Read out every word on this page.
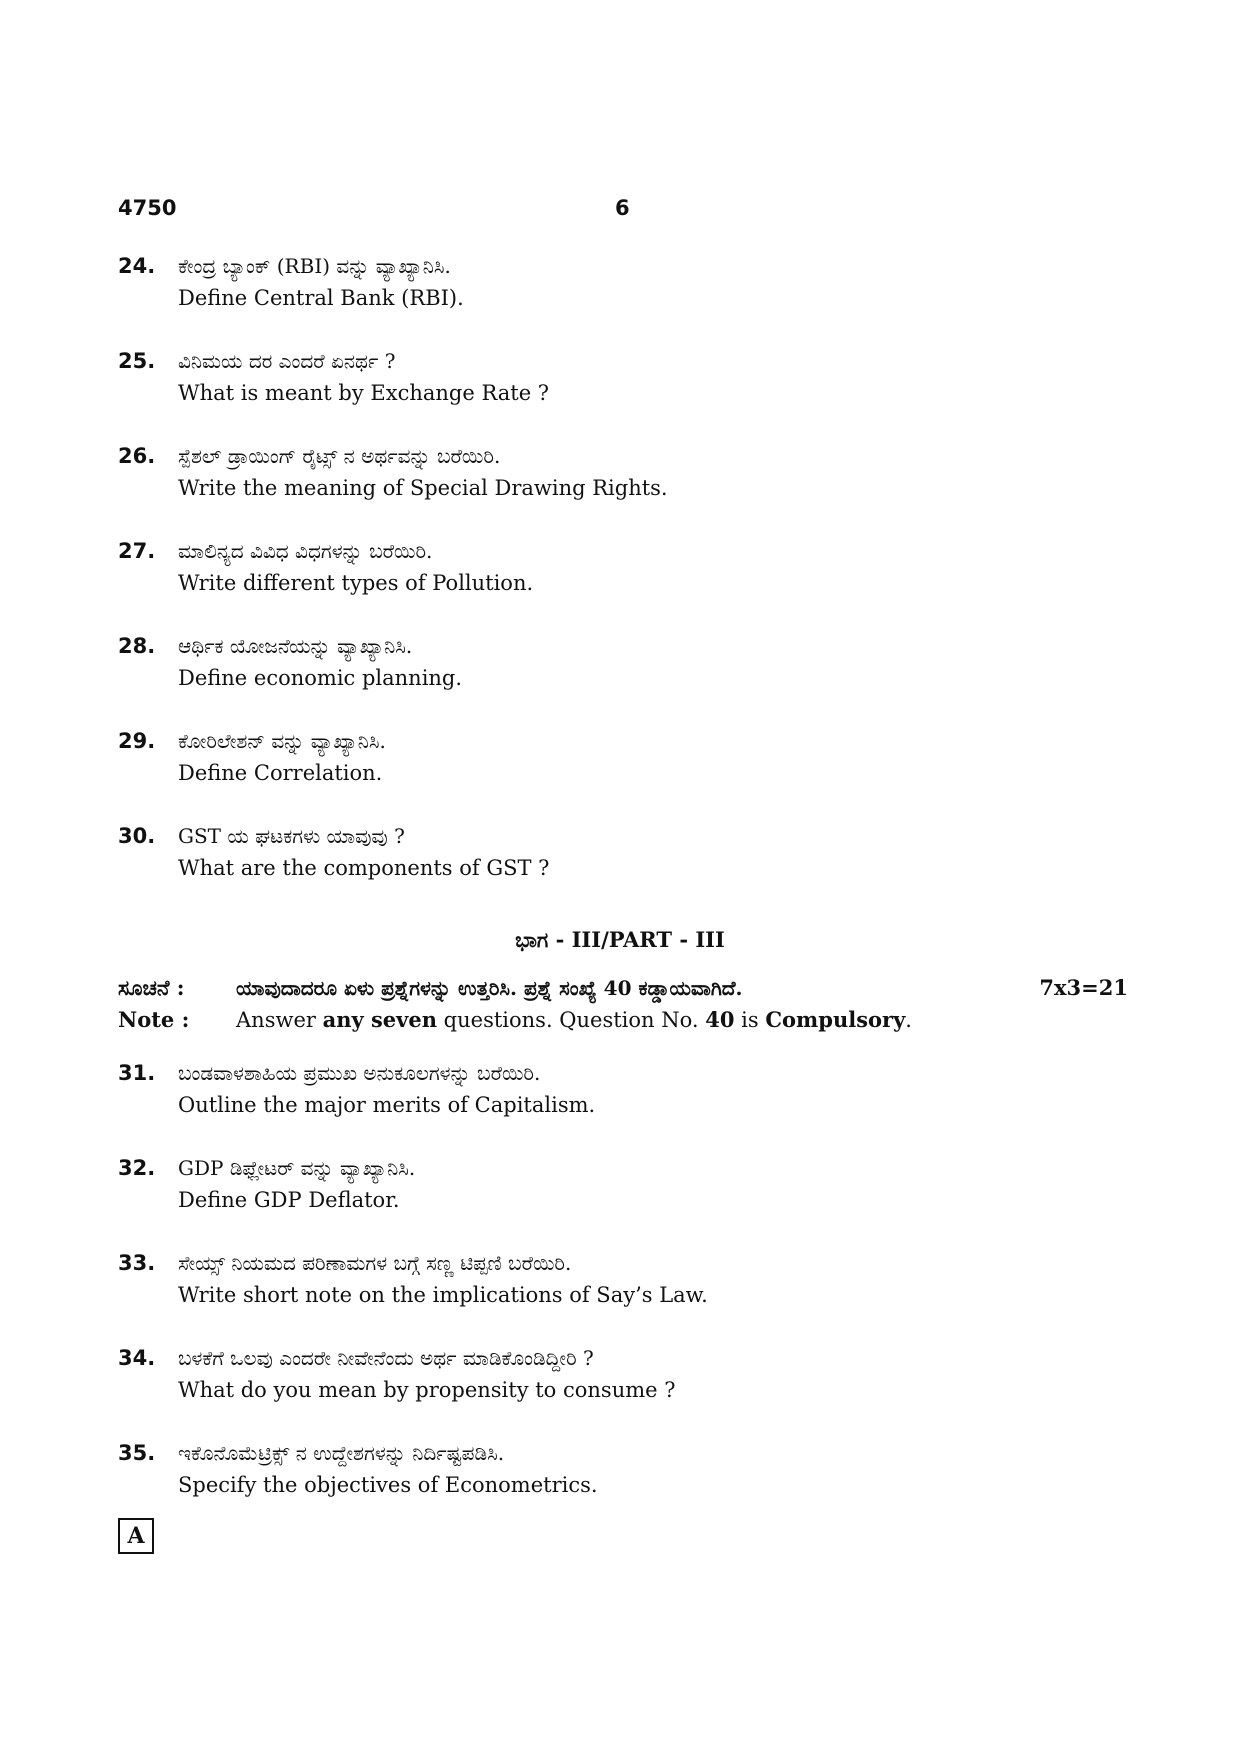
4750	6
24. ಕೇಂದ್ರ ಬ್ಯಾಂಕ್ (RBI) ವನ್ನು ವ್ಯಾಖ್ಯಾನಿಸಿ.
Define Central Bank (RBI).
25. ವಿನಿಮಯ ದರ ಎಂದರೆ ಏನರ್ಥ ?
What is meant by Exchange Rate ?
26. ಸ್ಪೆಶಲ್ ಡ್ರಾಯಿಂಗ್ ರೈಟ್ಸ್ ನ ಅರ್ಥವನ್ನು ಬರೆಯಿರಿ.
Write the meaning of Special Drawing Rights.
27. ಮಾಲಿನ್ಯದ ವಿವಿಧ ವಿಧಗಳನ್ನು ಬರೆಯಿರಿ.
Write different types of Pollution.
28. ಆರ್ಥಿಕ ಯೋಜನೆಯನ್ನು ವ್ಯಾಖ್ಯಾನಿಸಿ.
Define economic planning.
29. ಕೋರಿಲೇಶನ್ ವನ್ನು ವ್ಯಾಖ್ಯಾನಿಸಿ.
Define Correlation.
30. GST ಯ ಘಟಕಗಳು ಯಾವುವು ?
What are the components of GST ?
ಭಾಗ - III/PART - III
ಸೂಚನೆ :	ಯಾವುದಾದರೂ ಏಳು ಪ್ರಶ್ನೆಗಳನ್ನು ಉತ್ತರಿಸಿ. ಪ್ರಶ್ನೆ ಸಂಖ್ಯೆ 40 ಕಡ್ಡಾಯವಾಗಿದೆ.	7x3=21
Note : Answer any seven questions. Question No. 40 is Compulsory.
31. ಬಂಡವಾಳಶಾಹಿಯ ಪ್ರಮುಖ ಅನುಕೂಲಗಳನ್ನು ಬರೆಯಿರಿ.
Outline the major merits of Capitalism.
32. GDP ಡಿಫ್ಲೇಟರ್ ವನ್ನು ವ್ಯಾಖ್ಯಾನಿಸಿ.
Define GDP Deflator.
33. ಸೇಯ್ಸ್ ನಿಯಮದ ಪರಿಣಾಮಗಳ ಬಗ್ಗೆ ಸಣ್ಣ ಟಿಪ್ಪಣಿ ಬರೆಯಿರಿ.
Write short note on the implications of Say’s Law.
34. ಬಳಕೆಗೆ ಒಲವು ಎಂದರೇ ನೀವೇನೆಂದು ಅರ್ಥ ಮಾಡಿಕೊಂಡಿದ್ದೀರಿ ?
What do you mean by propensity to consume ?
35. ಇಕೊನೊಮೆಟ್ರಿಕ್ಸ್ ನ ಉದ್ದೇಶಗಳನ್ನು ನಿರ್ದಿಷ್ಟಪಡಿಸಿ.
Specify the objectives of Econometrics.
A
